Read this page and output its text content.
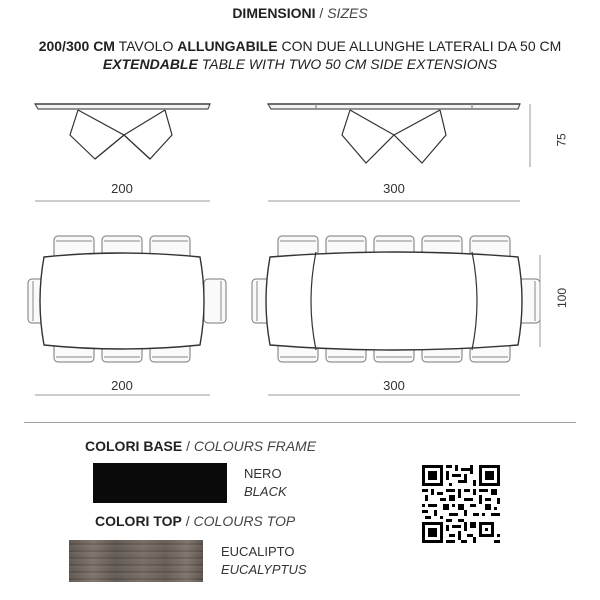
DIMENSIONI / SIZES
200/300 CM TAVOLO ALLUNGABILE CON DUE ALLUNGHE LATERALI DA 50 CM
EXTENDABLE TABLE WITH TWO 50 CM SIDE EXTENSIONS
200	300
75
200	300
100
COLORI BASE / COLOURS FRAME
NERO
BLACK
COLORI TOP / COLOURS TOP
EUCALIPTO
EUCALYPTUS
